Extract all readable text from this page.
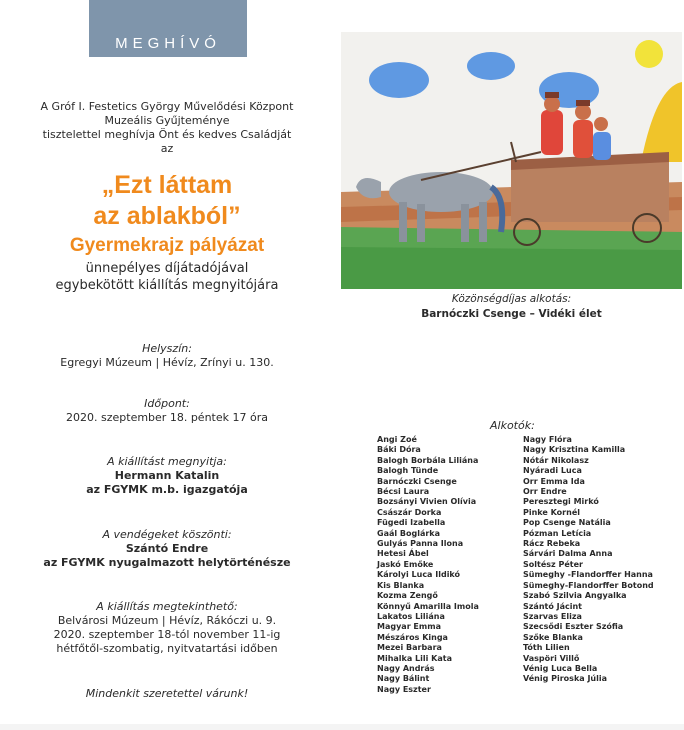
MEGHÍVÓ
A Gróf I. Festetics György Művelődési Központ
Muzeális Gyűjteménye
tisztelettel meghívja Önt és kedves Családját
az
„Ezt láttam
az ablakból”
Gyermekrajz pályázat
ünnepélyes díjátadójával
egybekötött kiállítás megnyitójára
Helyszín:
Egregyi Múzeum | Hévíz, Zrínyi u. 130.
Időpont:
2020. szeptember 18. péntek 17 óra
A kiállítást megnyitja:
Hermann Katalin
az FGYMK m.b. igazgatója
A vendégeket köszönti:
Szántó Endre
az FGYMK nyugalmazott helytörténésze
A kiállítás megtekinthető:
Belvárosi Múzeum | Hévíz, Rákóczi u. 9.
2020. szeptember 18-tól november 11-ig
hétfőtől-szombatig, nyitvatartási időben
Mindenkit szeretettel várunk!
Közönségdíjas alkotás:
Barnóczki Csenge – Vidéki élet
Alkotók:
Angi Zoé
Báki Dóra
Balogh Borbála Liliána
Balogh Tünde
Barnóczki Csenge
Bécsi Laura
Bozsányi Vivien Olívia
Császár Dorka
Fügedi Izabella
Gaál Boglárka
Gulyás Panna Ilona
Hetesi Ábel
Jaskó Emőke
Károlyi Luca Ildikó
Kis Blanka
Kozma Zengő
Könnyű Amarilla Imola
Lakatos Liliána
Magyar Emma
Mészáros Kinga
Mezei Barbara
Mihalka Lili Kata
Nagy András
Nagy Bálint
Nagy Eszter
Nagy Flóra
Nagy Krisztina Kamilla
Nótár Nikolasz
Nyáradi Luca
Orr Emma Ida
Orr Endre
Peresztegi Mirkó
Pinke Kornél
Pop Csenge Natália
Pózman Letícia
Rácz Rebeka
Sárvári Dalma Anna
Soltész Péter
Sümeghy -Flandorffer Hanna
Sümeghy-Flandorffer Botond
Szabó Szilvia Angyalka
Szántó Jácint
Szarvas Eliza
Szecsődi Eszter Szófia
Szőke Blanka
Tóth Lilien
Vaspöri Villő
Vénig Luca Bella
Vénig Piroska Júlia
